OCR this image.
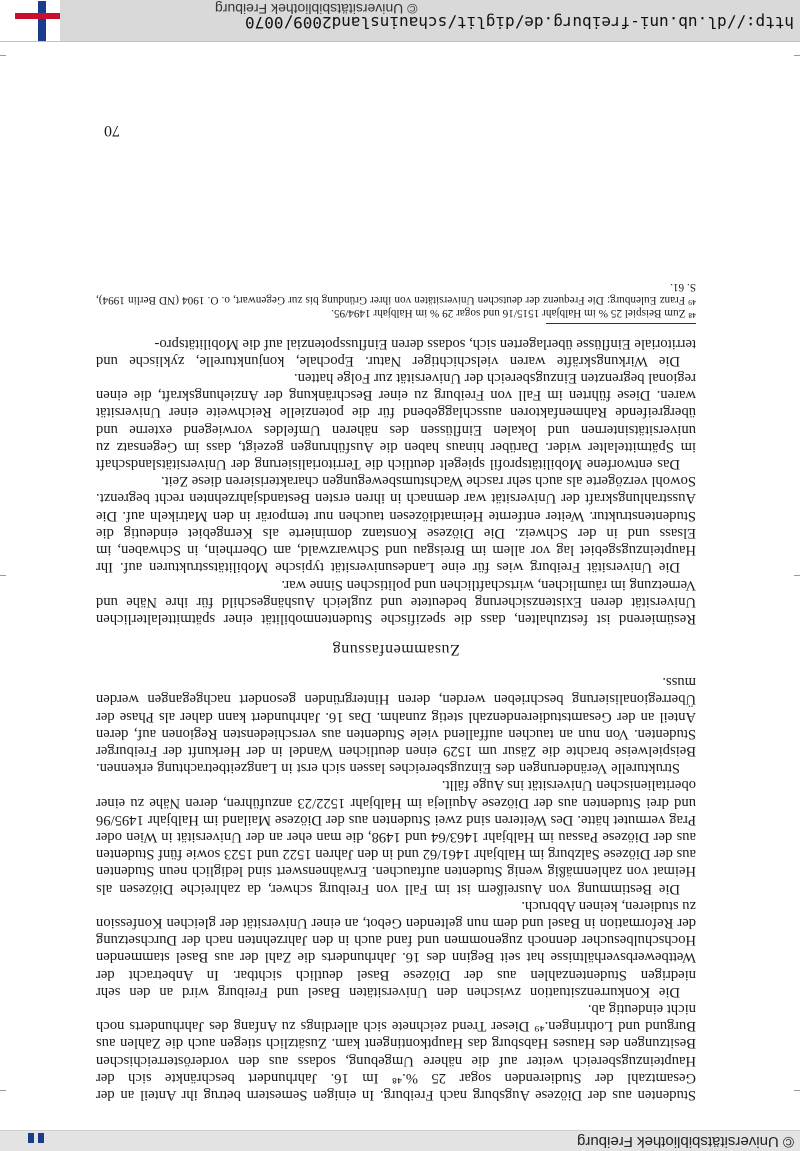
© Universitätsbibliothek Freiburg

Studenten aus der Diözese Augsburg nach Freiburg. In einigen Semestern betrug ihr Anteil an der Gesamtzahl der Studierenden sogar 25 %.⁴⁸ Im 16. Jahrhundert beschränkte sich der Haupteinzugsbereich weiter auf die nähere Umgebung, sodass aus den vorderösterreichischen Besitzungen des Hauses Habsburg das Hauptkontingent kam. Zusätzlich stiegen auch die Zahlen aus Burgund und Lothringen.⁴⁹ Dieser Trend zeichnete sich allerdings zu Anfang des Jahrhunderts noch nicht eindeutig ab.

Die Konkurrenzsituation zwischen den Universitäten Basel und Freiburg wird an den sehr niedrigen Studentenzahlen aus der Diözese Basel deutlich sichtbar. In Anbetracht der Wettbewerbsverhältnisse hat seit Beginn des 16. Jahrhunderts die Zahl der aus Basel stammenden Hochschulbesucher dennoch zugenommen und fand auch in den Jahrzehnten nach der Durchsetzung der Reformation in Basel und dem nun geltenden Gebot, an einer Universität der gleichen Konfession zu studieren, keinen Abbruch.

Die Bestimmung von Ausreißern ist im Fall von Freiburg schwer, da zahlreiche Diözesen als Heimat von zahlenmäßig wenig Studenten auftauchen. Erwähnenswert sind lediglich neun Studenten aus der Diözese Salzburg im Halbjahr 1461/62 und in den Jahren 1522 und 1523 sowie fünf Studenten aus der Diözese Passau im Halbjahr 1463/64 und 1498, die man eher an der Universität in Wien oder Prag vermutet hätte. Des Weiteren sind zwei Studenten aus der Diözese Mailand im Halbjahr 1495/96 und drei Studenten aus der Diözese Aquileja im Halbjahr 1522/23 anzuführen, deren Nähe zu einer oberitalienischen Universität ins Auge fällt.

Strukturelle Veränderungen des Einzugsbereiches lassen sich erst in Langzeitbetrachtung erkennen. Beispielweise brachte die Zäsur um 1529 einen deutlichen Wandel in der Herkunft der Freiburger Studenten. Von nun an tauchen auffallend viele Studenten aus verschiedensten Regionen auf, deren Anteil an der Gesamtstudierendenzahl stetig zunahm. Das 16. Jahrhundert kann daher als Phase der Überregionalisierung beschrieben werden, deren Hintergründen gesondert nachgegangen werden muss.

Zusammenfassung

Resümierend ist festzuhalten, dass die spezifische Studentenmobilität einer spätmittelalterlichen Universität deren Existenzsicherung bedeutete und zugleich Aushängeschild für ihre Nähe und Vernetzung im räumlichen, wirtschaftlichen und politischen Sinne war.

Die Universität Freiburg wies für eine Landesuniversität typische Mobilitätsstrukturen auf. Ihr Haupteinzugsgebiet lag vor allem im Breisgau und Schwarzwald, am Oberrhein, in Schwaben, im Elsass und in der Schweiz. Die Diözese Konstanz dominierte als Kerngebiet eindeutig die Studentenstruktur. Weiter entfernte Heimatdiözesen tauchen nur temporär in den Matrikeln auf. Die Ausstrahlungskraft der Universität war demnach in ihren ersten Bestandsjahrzehnten recht begrenzt. Sowohl verzögerte als auch sehr rasche Wachstumsbewegungen charakterisieren diese Zeit.

Das entworfene Mobilitätsprofil spiegelt deutlich die Territorialisierung der Universitätslandschaft im Spätmittelalter wider. Darüber hinaus haben die Ausführungen gezeigt, dass im Gegensatz zu universitätsinternen und lokalen Einflüssen des näheren Umfeldes vorwiegend externe und übergreifende Rahmenfaktoren ausschlaggebend für die potenzielle Reichweite einer Universität waren. Diese führten im Fall von Freiburg zu einer Beschränkung der Anziehungskraft, die einen regional begrenzten Einzugsbereich der Universität zur Folge hatten.

Die Wirkungskräfte waren vielschichtiger Natur. Epochale, konjunkturelle, zyklische und territoriale Einflüsse überlagerten sich, sodass deren Einflusspotenzial auf die Mobilitätspro-

⁴⁸ Zum Beispiel 25 % im Halbjahr 1515/16 und sogar 29 % im Halbjahr 1494/95.

⁴⁹ Franz Eulenburg: Die Frequenz der deutschen Universitäten von ihrer Gründung bis zur Gegenwart, o. O. 1904 (ND Berlin 1994), S. 61.

70
http://dl.ub.uni-freiburg.de/diglit/schauinsland2009/0070
© Universitätsbibliothek Freiburg
